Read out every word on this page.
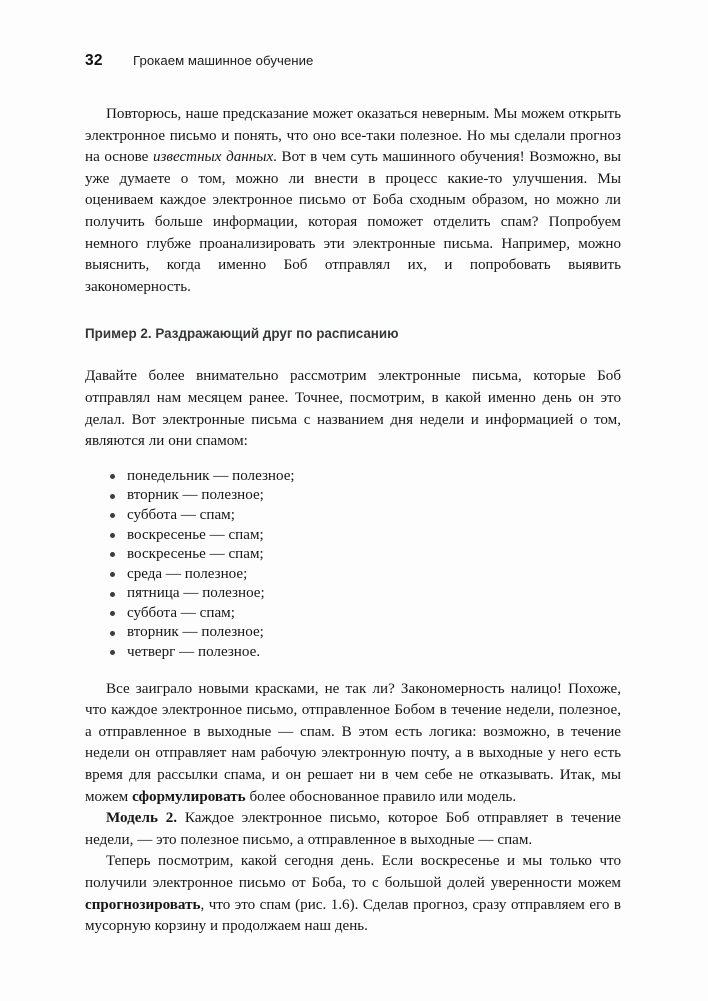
32	Грокаем машинное обучение

Повторюсь, наше предсказание может оказаться неверным. Мы можем открыть электронное письмо и понять, что оно все-таки полезное. Но мы сделали прогноз на основе известных данных. Вот в чем суть машинного обучения! Возможно, вы уже думаете о том, можно ли внести в процесс какие-то улучшения. Мы оцениваем каждое электронное письмо от Боба сходным образом, но можно ли получить больше информации, которая поможет отделить спам? Попробуем немного глубже проанализировать эти электронные письма. Например, можно выяснить, когда именно Боб отправлял их, и попробовать выявить закономерность.

Пример 2. Раздражающий друг по расписанию

Давайте более внимательно рассмотрим электронные письма, которые Боб отправлял нам месяцем ранее. Точнее, посмотрим, в какой именно день он это делал. Вот электронные письма с названием дня недели и информацией о том, являются ли они спамом:

понедельник — полезное;
вторник — полезное;
суббота — спам;
воскресенье — спам;
воскресенье — спам;
среда — полезное;
пятница — полезное;
суббота — спам;
вторник — полезное;
четверг — полезное.

Все заиграло новыми красками, не так ли? Закономерность налицо! Похоже, что каждое электронное письмо, отправленное Бобом в течение недели, полезное, а отправленное в выходные — спам. В этом есть логика: возможно, в течение недели он отправляет нам рабочую электронную почту, а в выходные у него есть время для рассылки спама, и он решает ни в чем себе не отказывать. Итак, мы можем сформулировать более обоснованное правило или модель.

Модель 2. Каждое электронное письмо, которое Боб отправляет в течение недели, — это полезное письмо, а отправленное в выходные — спам.

Теперь посмотрим, какой сегодня день. Если воскресенье и мы только что получили электронное письмо от Боба, то с большой долей уверенности можем спрогнозировать, что это спам (рис. 1.6). Сделав прогноз, сразу отправляем его в мусорную корзину и продолжаем наш день.
